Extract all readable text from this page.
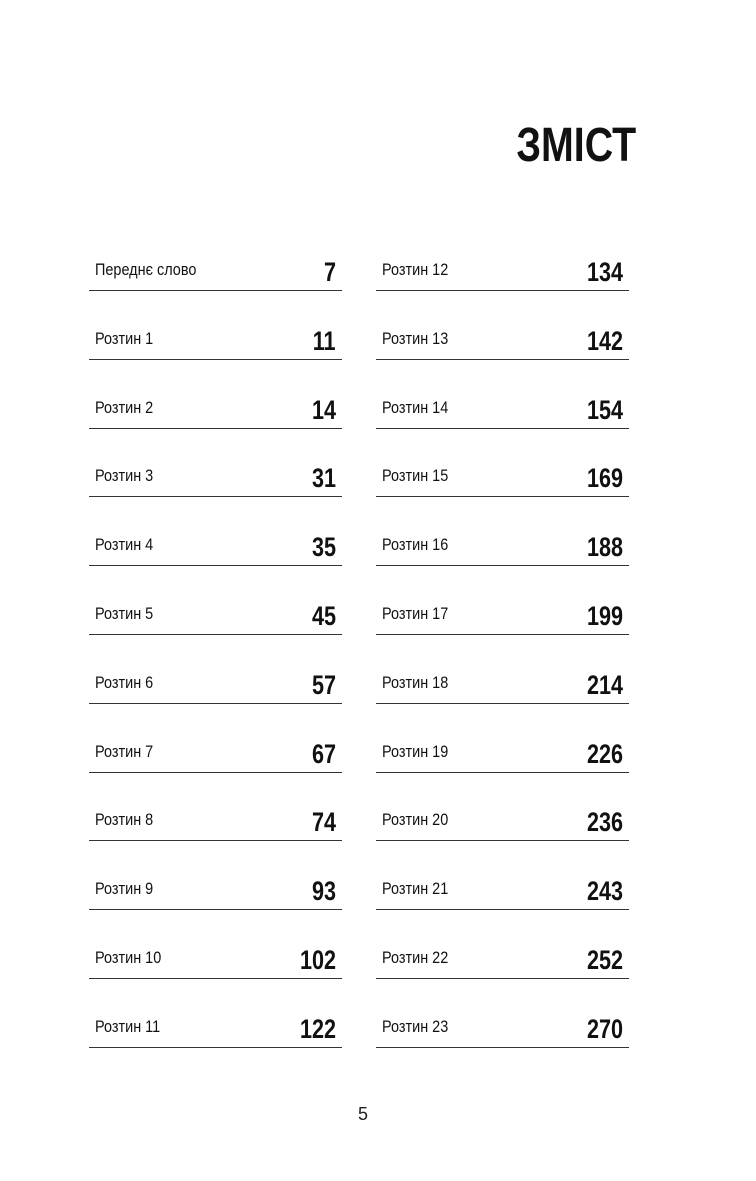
ЗМІСТ
Переднє слово	7
Розтин 1	11
Розтин 2	14
Розтин 3	31
Розтин 4	35
Розтин 5	45
Розтин 6	57
Розтин 7	67
Розтин 8	74
Розтин 9	93
Розтин 10	102
Розтин 11	122
Розтин 12	134
Розтин 13	142
Розтин 14	154
Розтин 15	169
Розтин 16	188
Розтин 17	199
Розтин 18	214
Розтин 19	226
Розтин 20	236
Розтин 21	243
Розтин 22	252
Розтин 23	270
5
